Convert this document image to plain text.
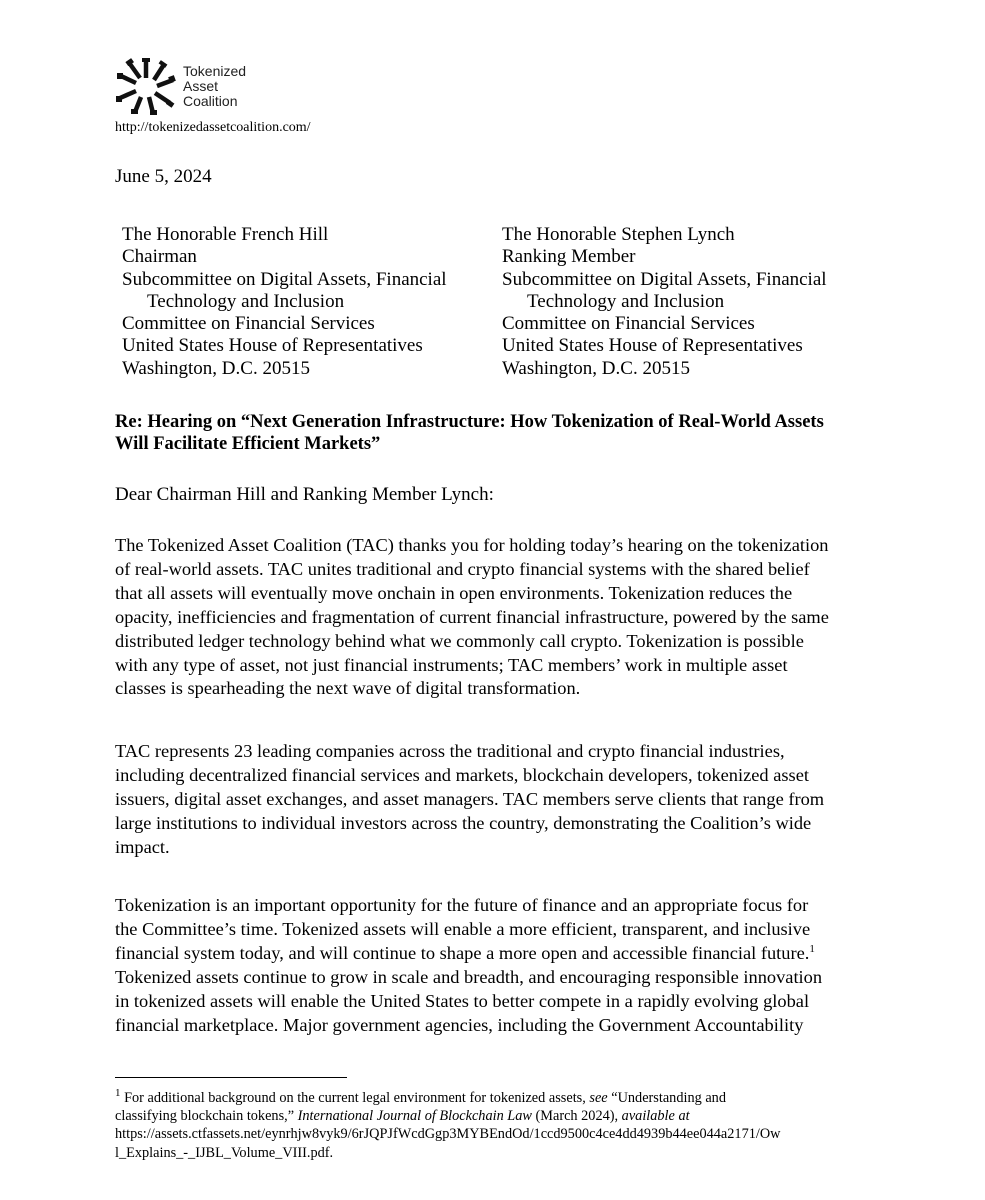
Tokenized
Asset
Coalition
http://tokenizedassetcoalition.com/
June 5, 2024
The Honorable French Hill
Chairman
Subcommittee on Digital Assets, Financial
Technology and Inclusion
Committee on Financial Services
United States House of Representatives
Washington, D.C. 20515
The Honorable Stephen Lynch
Ranking Member
Subcommittee on Digital Assets, Financial
Technology and Inclusion
Committee on Financial Services
United States House of Representatives
Washington, D.C. 20515
Re: Hearing on “Next Generation Infrastructure: How Tokenization of Real-World Assets
Will Facilitate Efficient Markets”
Dear Chairman Hill and Ranking Member Lynch:
The Tokenized Asset Coalition (TAC) thanks you for holding today’s hearing on the tokenization
of real-world assets. TAC unites traditional and crypto financial systems with the shared belief
that all assets will eventually move onchain in open environments. Tokenization reduces the
opacity, inefficiencies and fragmentation of current financial infrastructure, powered by the same
distributed ledger technology behind what we commonly call crypto. Tokenization is possible
with any type of asset, not just financial instruments; TAC members’ work in multiple asset
classes is spearheading the next wave of digital transformation.
TAC represents 23 leading companies across the traditional and crypto financial industries,
including decentralized financial services and markets, blockchain developers, tokenized asset
issuers, digital asset exchanges, and asset managers. TAC members serve clients that range from
large institutions to individual investors across the country, demonstrating the Coalition’s wide
impact.
Tokenization is an important opportunity for the future of finance and an appropriate focus for
the Committee’s time. Tokenized assets will enable a more efficient, transparent, and inclusive
financial system today, and will continue to shape a more open and accessible financial future.$^1$
Tokenized assets continue to grow in scale and breadth, and encouraging responsible innovation
in tokenized assets will enable the United States to better compete in a rapidly evolving global
financial marketplace. Major government agencies, including the Government Accountability
$^1$ For additional background on the current legal environment for tokenized assets, see “Understanding and
classifying blockchain tokens,” International Journal of Blockchain Law (March 2024), available at
https://assets.ctfassets.net/eynrhjw8vyk9/6rJQPJfWcdGgp3MYBEndOd/1ccd9500c4ce4dd4939b44ee044a2171/Ow
l_Explains_-_IJBL_Volume_VIII.pdf.
